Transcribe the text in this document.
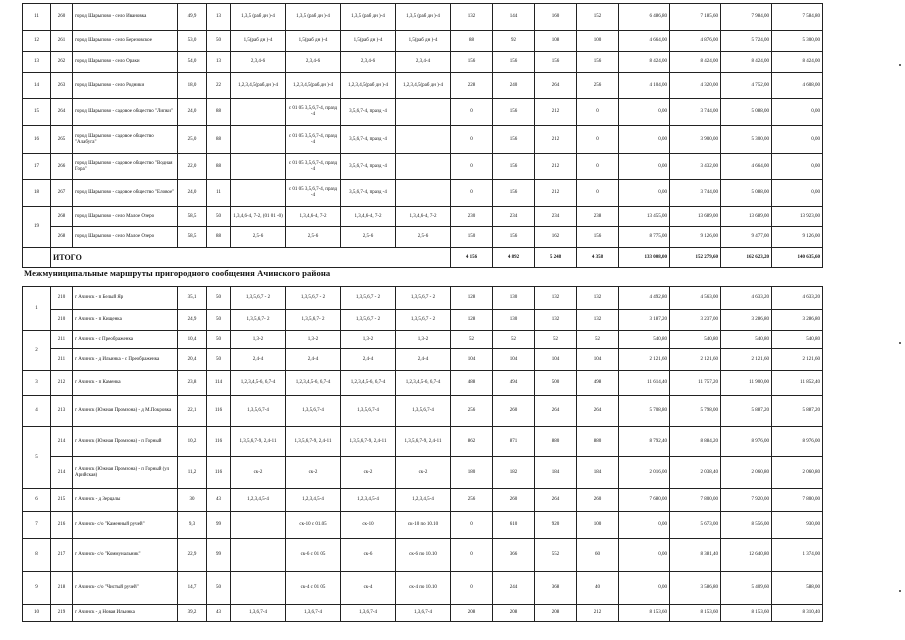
11	260	город Шарыпово - село Ивановка	49,9	13	1,3,5 (раб дн )-4	1,3,5 (раб дн )-4	1,3,5 (раб дн )-4	1,3,5 (раб дн )-4	132	144	160	152	6 486,80	7 185,60	7 984,00	7 584,80
12	261	город Шарыпово - село Березовское	53,0	50	1,5(раб дн )-4	1,5(раб дн )-4	1,5(раб дн )-4	1,5(раб дн )-4	88	92	108	100	4 664,00	4 876,00	5 724,00	5 300,00
13	262	город Шарыпово - село Ораки	54,0	13	2,3,4-6	2,3,4-6	2,3,4-6	2,3,4-4	156	156	156	156	8 424,00	8 424,00	8 424,00	8 424,00
14	263	город Шарыпово - село Родники	18,0	22	1,2,3,4,5(раб.дн )-4	1,2,3,4,5(раб.дн )-4	1,2,3,4,5(раб дн )-4	1,2,3,4,5(раб дн )-4	228	240	264	256	4 104,00	4 320,00	4 752,00	4 608,00
15	264	город Шарыпово - садовое общество "Липки"	24,0	88		с 01 05 3,5,6,7-4, празд -4	3,5,6,7-4, празд -4		0	156	212	0	0,00	3 744,00	5 088,00	0,00
16	265	город Шарыпово - садовое общество "Алабуга"	25,0	88		с 01 05 3,5,6,7-4, празд -4	3,5,6,7-4, празд -4		0	156	212	0	0,00	3 900,00	5 300,00	0,00
17	266	город Шарыпово - садовое общество "Водная Гора"	22,0	88		с 01 05 3,5,6,7-4, празд -4	3,5,6,7-4, празд -4		0	156	212	0	0,00	3 432,00	4 664,00	0,00
18	267	город Шарыпово - садовое общество "Еловое"	24,0	11		с 01 05 3,5,6,7-4, празд -4	3,5,6,7-4, празд -4		0	156	212	0	0,00	3 744,00	5 088,00	0,00
19	268	город Шарыпово - село Малое Озеро	58,5	50	1,3,4,6-4, 7-2, (01 01 -0)	1,3,4,6-4, 7-2	1,3,4,6-4, 7-2	1,3,4,6-4, 7-2	230	234	234	238	13 455,00	13 689,00	13 689,00	13 923,00
	268	город Шарыпово - село Малое Озеро	58,5	88	2,5-6	2,5-6	2,5-6	2,5-6	150	156	162	156	8 775,00	9 126,00	9 477,00	9 126,00
	ИТОГО								4 156	4 892	5 248	4 358	133 008,00	152 279,60	162 623,20	140 635,60
Межмуниципальные маршруты пригородного сообщения Ачинского района
1	210	г Ачинск - п Белый Яр	35,1	50	1,3,5,6,7 - 2	1,3,5,6,7 - 2	1,3,5,6,7 - 2	1,3,5,6,7 - 2	128	130	132	132	4 492,80	4 563,00	4 633,20	4 633,20
	210	г Ачинск - п Кищенка	24,9	50	1,3,5,6,7- 2	1,3,5,6,7- 2	1,3,5,6,7 - 2	1,3,5,6,7 - 2	128	130	132	132	3 187,20	3 237,00	3 286,80	3 286,80
2	211	г Ачинск - с Преображенка	10,4	50	1,3-2	1,3-2	1,3-2	1,3-2	52	52	52	52	540,80	540,80	540,80	540,80
	211	г Ачинск - д Ильинка - с Преображенка	20,4	50	2,4-4	2,4-4	2,4-4	2,4-4	104	104	104	104	2 121,60	2 121,60	2 121,60	2 121,60
3	212	г Ачинск - п Каменка	23,8	114	1,2,3,4,5-6, 6,7-4	1,2,3,4,5-6, 6,7-4	1,2,3,4,5-6, 6,7-4	1,2,3,4,5-6, 6,7-4	488	494	500	498	11 614,40	11 757,20	11 900,00	11 852,40
4	213	г Ачинск (Южная Промзона) - д М.Покровка	22,1	116	1,3,5,6,7-4	1,3,5,6,7-4	1,3,5,6,7-4	1,3,5,6,7-4	256	260	264	264	5 708,80	5 798,00	5 887,20	5 887,20
5	214	г Ачинск (Южная Промзона) - п Горный	10,2	116	1,3,5,6,7-9, 2,4-11	1,3,5,6,7-9, 2,4-11	1,3,5,6,7-9, 2,4-11	1,3,5,6,7-9, 2,4-11	862	871	880	880	8 792,40	8 884,20	8 976,00	8 976,00
	214	г Ачинск (Южная Промзона) - п Горный (ул Арийская)	11,2	116	ск-2	ск-2	ск-2	ск-2	180	182	184	184	2 016,00	2 038,40	2 060,80	2 060,80
6	215	г Ачинск - д Зерцалы	30	43	1,2,3,4,5-4	1,2,3,4,5-4	1,2,3,4,5-4	1,2,3,4,5-4	256	260	264	260	7 680,00	7 800,00	7 920,00	7 800,00
7	216	г Ачинск- с/о "Каменный ручей"	9,3	99		ск-10 с 01.05	ск-10	ск-10 по 10.10	0	610	920	100	0,00	5 673,00	8 556,00	930,00
8	217	г Ачинск- с/о "Коммунальник"	22,9	99		ск-6 с 01 05	ск-6	ск-6 по 10.10	0	366	552	60	0,00	8 381,40	12 640,80	1 374,00
9	218	г Ачинск- с/о "Чистый ручей"	14,7	50		ск-4 с 01 05	ск-4	ск-4 по 10.10	0	244	368	40	0,00	3 586,80	5 409,60	588,00
10	219	г Ачинск - д Новая Ильинка	39,2	43	1,3,6,7-4	1,3,6,7-4	1,3,6,7-4	1,3,6,7-4	208	208	208	212	8 153,60	8 153,60	8 153,60	8 310,40
